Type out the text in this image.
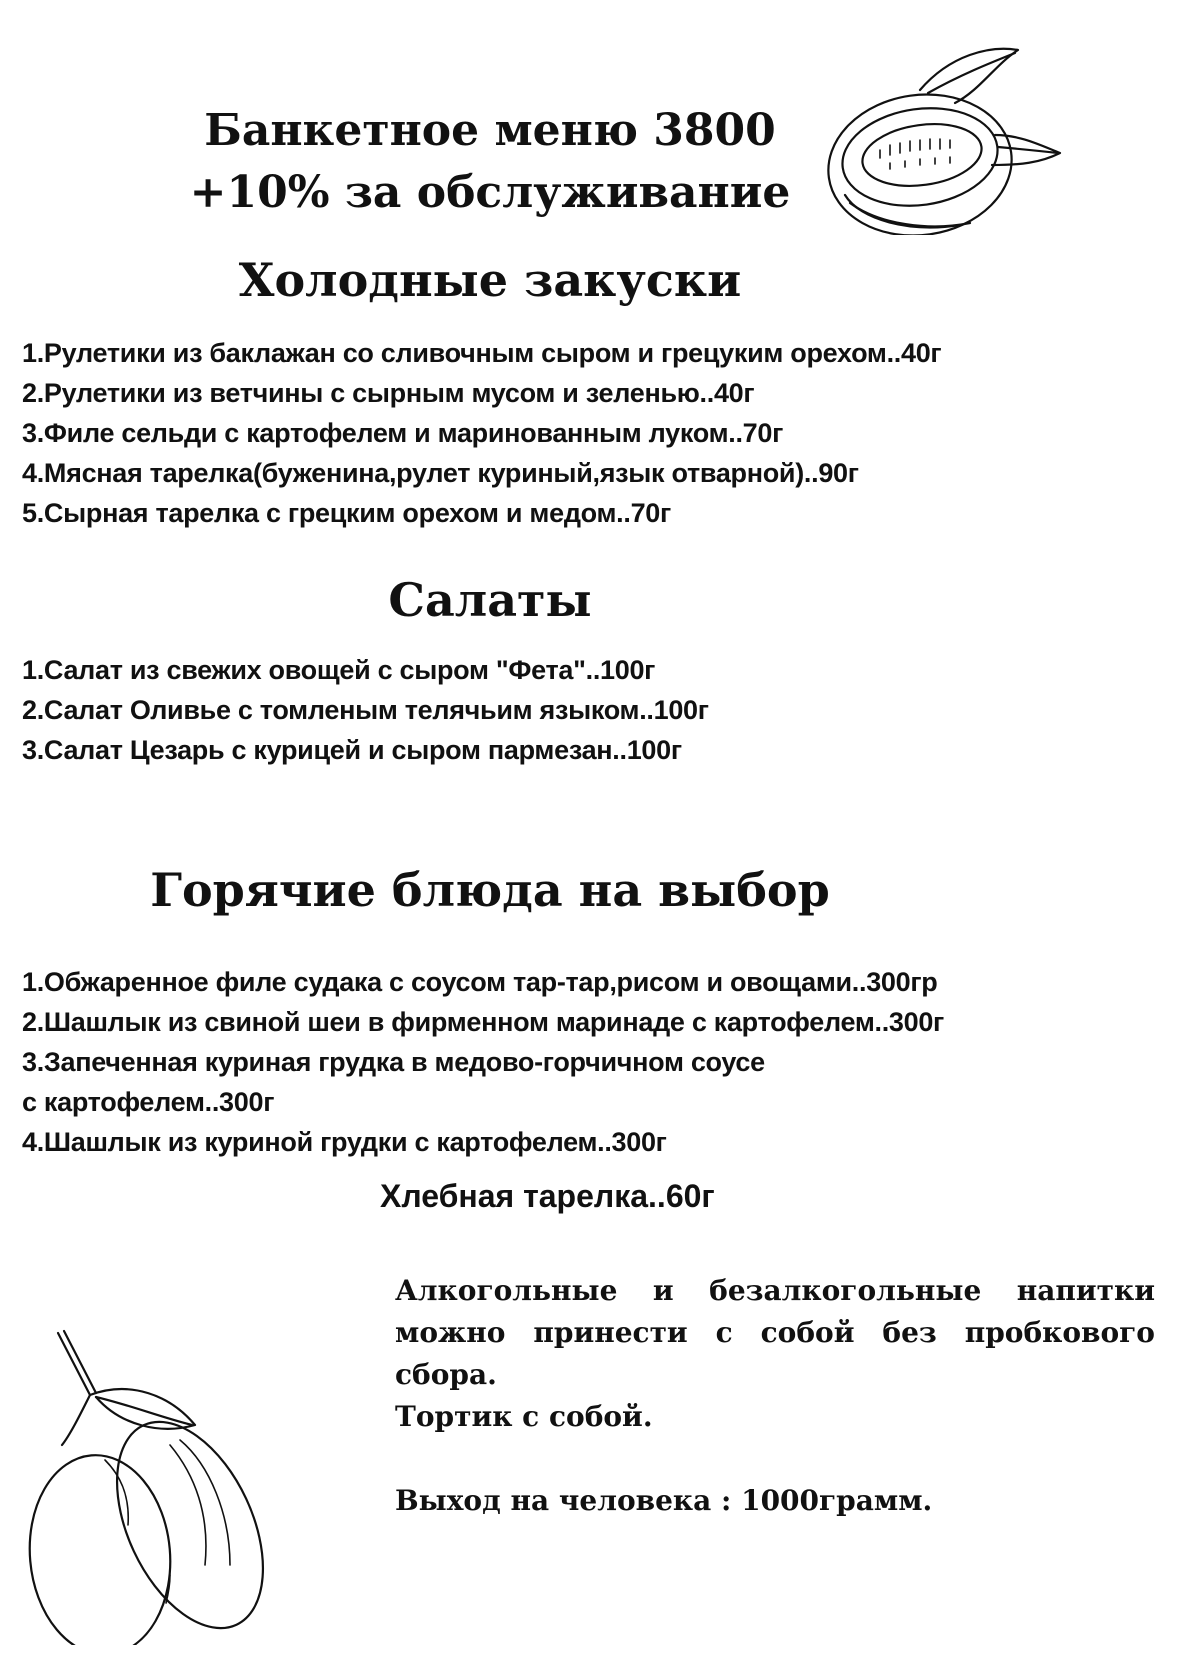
Банкетное меню 3800
+10% за обслуживание
Холодные закуски
1.Рулетики из баклажан со сливочным сыром и грецуким орехом..40г
2.Рулетики из ветчины с сырным мусом и зеленью..40г
3.Филе сельди с картофелем и маринованным луком..70г
4.Мясная тарелка(буженина,рулет куриный,язык отварной)..90г
5.Сырная тарелка с грецким орехом и медом..70г
Салаты
1.Салат из свежих овощей с сыром "Фета"..100г
2.Салат Оливье с томленым телячьим языком..100г
3.Салат Цезарь с курицей и сыром пармезан..100г
Горячие блюда на выбор
1.Обжаренное филе судака с соусом тар-тар,рисом и овощами..300гр
2.Шашлык из свиной шеи в фирменном маринаде с картофелем..300г
3.Запеченная куриная грудка в медово-горчичном соусе
с картофелем..300г
4.Шашлык из куриной грудки с картофелем..300г
Хлебная тарелка..60г

Алкогольные и безалкогольные напитки можно принести с собой без пробкового сбора.

Тортик с собой.

Выход на человека : 1000грамм.
